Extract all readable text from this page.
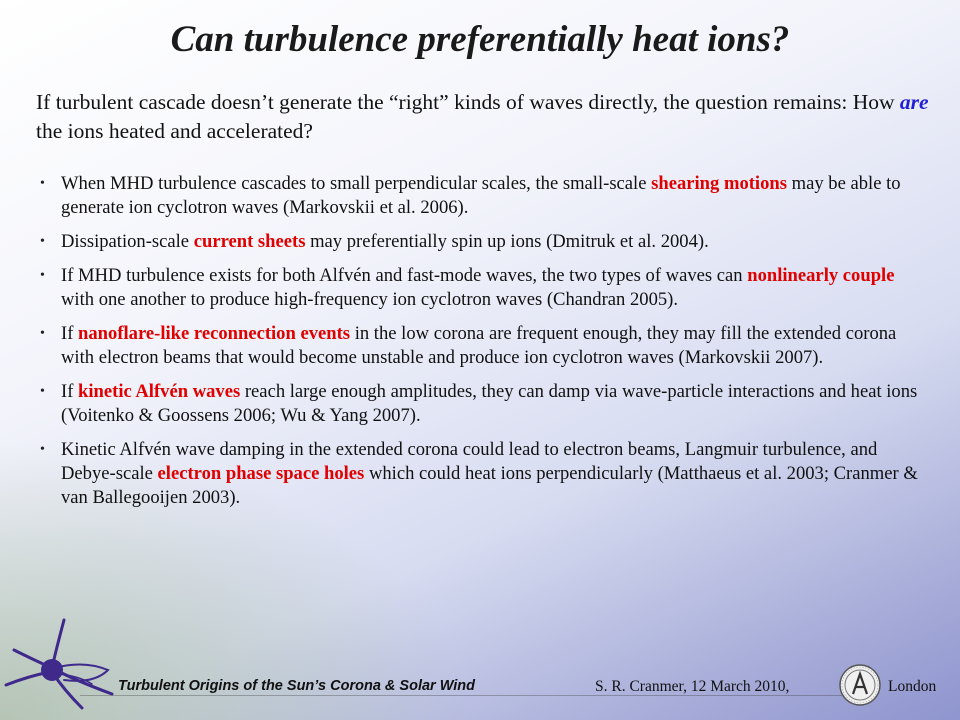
Can turbulence preferentially heat ions?

If turbulent cascade doesn’t generate the “right” kinds of waves directly, the question remains: How are the ions heated and accelerated?

• When MHD turbulence cascades to small perpendicular scales, the small-scale shearing motions may be able to generate ion cyclotron waves (Markovskii et al. 2006).
• Dissipation-scale current sheets may preferentially spin up ions (Dmitruk et al. 2004).
• If MHD turbulence exists for both Alfvén and fast-mode waves, the two types of waves can nonlinearly couple with one another to produce high-frequency ion cyclotron waves (Chandran 2005).
• If nanoflare-like reconnection events in the low corona are frequent enough, they may fill the extended corona with electron beams that would become unstable and produce ion cyclotron waves (Markovskii 2007).
• If kinetic Alfvén waves reach large enough amplitudes, they can damp via wave-particle interactions and heat ions (Voitenko & Goossens 2006; Wu & Yang 2007).
• Kinetic Alfvén wave damping in the extended corona could lead to electron beams, Langmuir turbulence, and Debye-scale electron phase space holes which could heat ions perpendicularly (Matthaeus et al. 2003; Cranmer & van Ballegooijen 2003).
Turbulent Origins of the Sun’s Corona & Solar Wind	S. R. Cranmer, 12 March 2010,	London
